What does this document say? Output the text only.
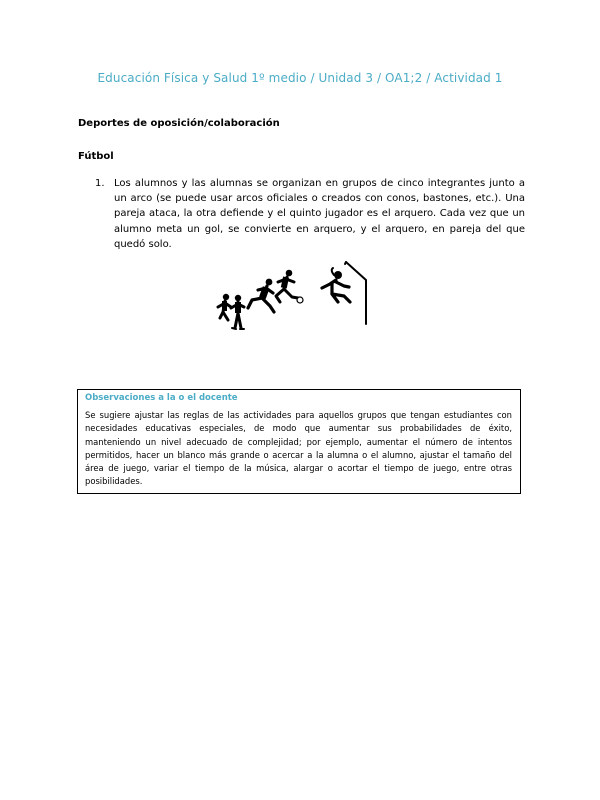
Educación Física y Salud 1º medio / Unidad 3 / OA1;2 / Actividad 1
Deportes de oposición/colaboración
Fútbol
1. Los alumnos y las alumnas se organizan en grupos de cinco integrantes junto a un arco (se puede usar arcos oficiales o creados con conos, bastones, etc.). Una pareja ataca, la otra defiende y el quinto jugador es el arquero. Cada vez que un alumno meta un gol, se convierte en arquero, y el arquero, en pareja del que quedó solo.
Observaciones a la o el docente
Se sugiere ajustar las reglas de las actividades para aquellos grupos que tengan estudiantes con necesidades educativas especiales, de modo que aumentar sus probabilidades de éxito, manteniendo un nivel adecuado de complejidad; por ejemplo, aumentar el número de intentos permitidos, hacer un blanco más grande o acercar a la alumna o el alumno, ajustar el tamaño del área de juego, variar el tiempo de la música, alargar o acortar el tiempo de juego, entre otras posibilidades.
